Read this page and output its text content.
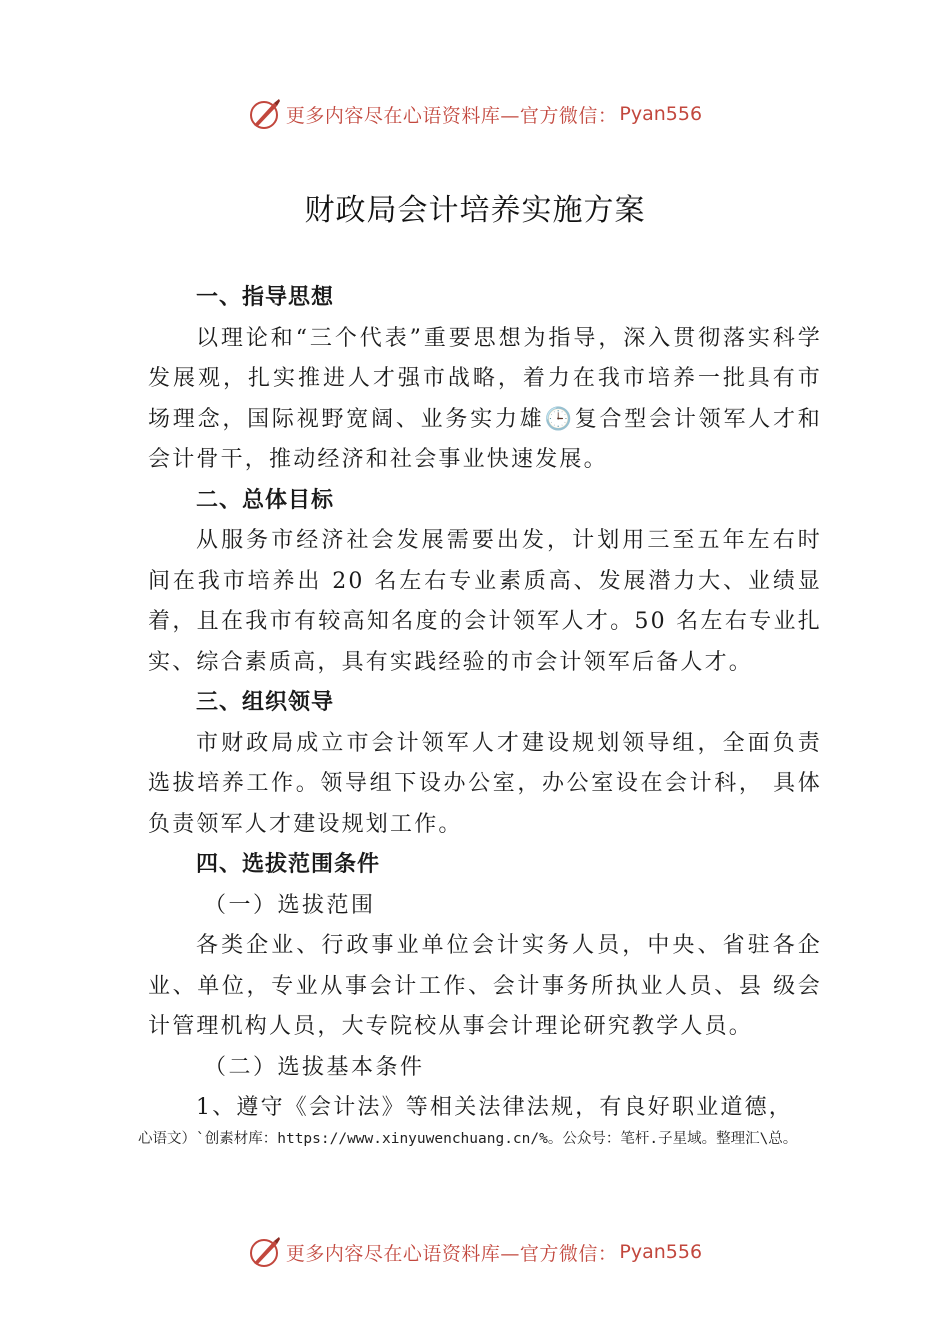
更多内容尽在心语资料库—官方微信： Pyan556
财政局会计培养实施方案
一、指导思想
以理论和“三个代表”重要思想为指导，深入贯彻落实科学发展观，扎实推进人才强市战略，着力在我市培养一批具有市场理念，国际视野宽阔、业务实力雄🕒复合型会计领军人才和会计骨干，推动经济和社会事业快速发展。
二、总体目标
从服务市经济社会发展需要出发，计划用三至五年左右时间在我市培养出 20 名左右专业素质高、发展潜力大、业绩显着，且在我市有较高知名度的会计领军人才。50 名左右专业扎实、综合素质高，具有实践经验的市会计领军后备人才。
三、组织领导
市财政局成立市会计领军人才建设规划领导组，全面负责选拔培养工作。领导组下设办公室，办公室设在会计科， 具体负责领军人才建设规划工作。
四、选拔范围条件
（一）选拔范围
各类企业、行政事业单位会计实务人员，中央、省驻各企业、单位，专业从事会计工作、会计事务所执业人员、县 级会计管理机构人员，大专院校从事会计理论研究教学人员。
（二）选拔基本条件
1、遵守《会计法》等相关法律法规，有良好职业道德，
心语文）`创素材库：https://www.xinyuwenchuang.cn/%。公众号：笔杆.子星域。整理汇\总。
更多内容尽在心语资料库—官方微信： Pyan556
